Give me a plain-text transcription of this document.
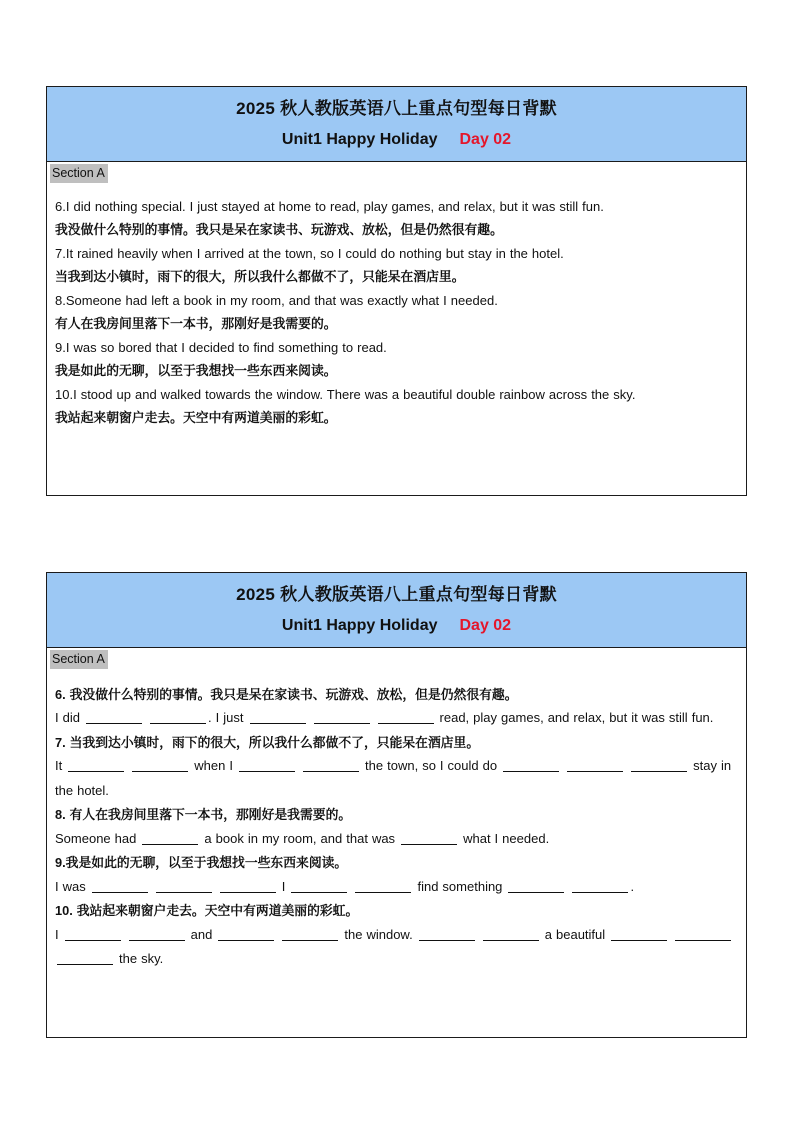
2025 秋人教版英语八上重点句型每日背默
Unit1 Happy Holiday Day 02
Section A
6.I did nothing special. I just stayed at home to read, play games, and relax, but it was still fun.
我没做什么特别的事情。我只是呆在家读书、玩游戏、放松，但是仍然很有趣。
7.It rained heavily when I arrived at the town, so I could do nothing but stay in the hotel.
当我到达小镇时，雨下的很大，所以我什么都做不了，只能呆在酒店里。
8.Someone had left a book in my room, and that was exactly what I needed.
有人在我房间里落下一本书，那刚好是我需要的。
9.I was so bored that I decided to find something to read.
我是如此的无聊，以至于我想找一些东西来阅读。
10.I stood up and walked towards the window. There was a beautiful double rainbow across the sky.
我站起来朝窗户走去。天空中有两道美丽的彩虹。
2025 秋人教版英语八上重点句型每日背默
Unit1 Happy Holiday Day 02
Section A
6. 我没做什么特别的事情。我只是呆在家读书、玩游戏、放松，但是仍然很有趣。
I did	. I just	read, play games, and relax, but it was still fun.
7. 当我到达小镇时，雨下的很大，所以我什么都做不了，只能呆在酒店里。
It	when I	the town, so I could do	stay in the hotel.
8. 有人在我房间里落下一本书，那刚好是我需要的。
Someone had	a book in my room, and that was	what I needed.
9.我是如此的无聊，以至于我想找一些东西来阅读。
I was	I	find something	.
10. 我站起来朝窗户走去。天空中有两道美丽的彩虹。
I	and	the window.	a beautiful    the sky.
